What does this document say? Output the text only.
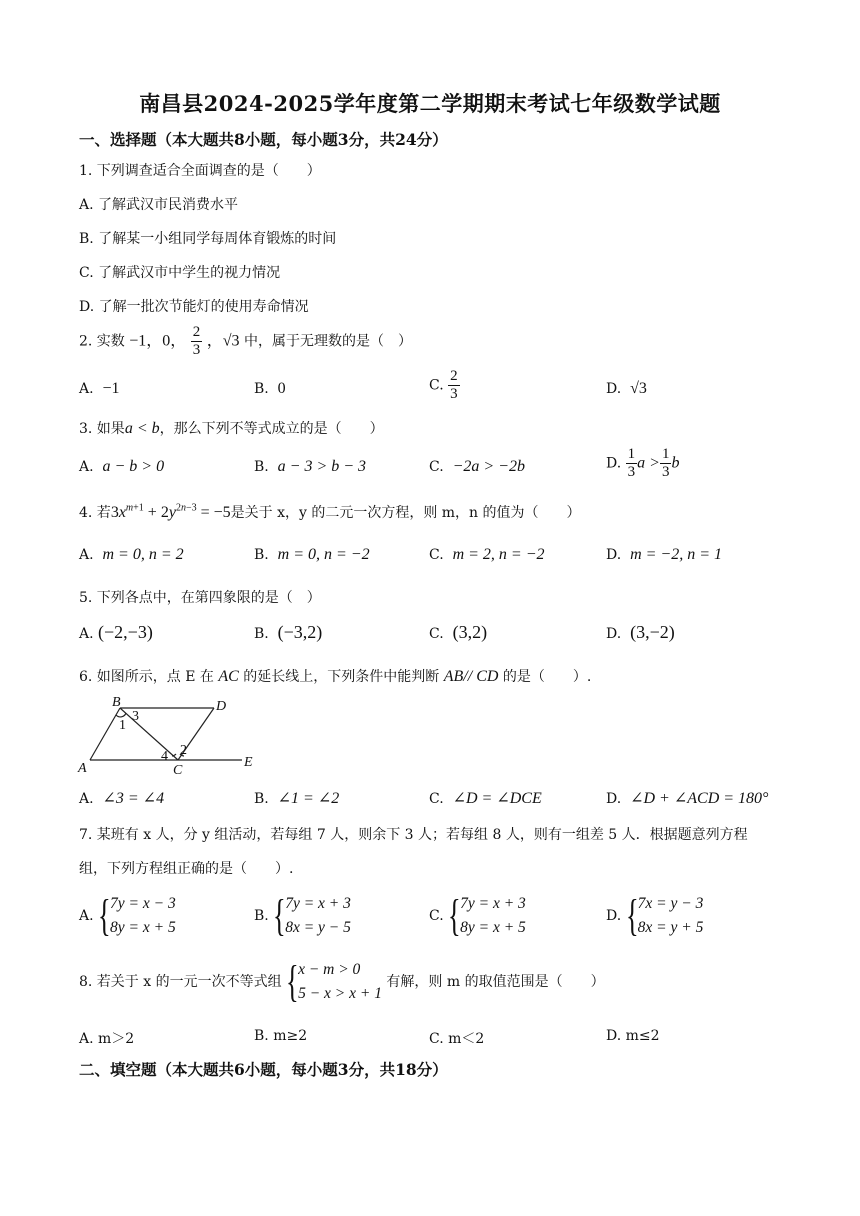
南昌县2024-2025学年度第二学期期末考试七年级数学试题
一、选择题（本大题共8小题，每小题3分，共24分）
1. 下列调查适合全面调查的是（　　）
A. 了解武汉市民消费水平
B. 了解某一小组同学每周体育锻炼的时间
C. 了解武汉市中学生的视力情况
D. 了解一批次节能灯的使用寿命情况
2. 实数 −1，0， $\frac{2}{3}$ ，√3 中，属于无理数的是（　）
A.  −1	B.  0	C. $\frac{2}{3}$	D.  √3
3. 如果a < b，那么下列不等式成立的是（　　）
A.  a − b > 0	B.  a − 3 > b − 3	C.  −2a > −2b	D. $\frac{1}{3}$ $a > \frac{1}{3}$ b
4. 若$3x^{m+1} + 2y^{2n-3} = -5$是关于 x，y 的二元一次方程，则 m，n 的值为（　　）
A.  m = 0, n = 2	B.  m = 0, n = −2	C.  m = 2, n = −2	D.  m = −2, n = 1
5. 下列各点中，在第四象限的是（　）
A. (−2,−3)	B.  (−3,2)	C.  (3,2)	D.  (3,−2)
6. 如图所示，点 E 在 AC 的延长线上，下列条件中能判断 AB// CD 的是（　　）.
B	D
A	C
E
1
2
3
4
A.  ∠3 = ∠4	B.  ∠1 = ∠2	C.  ∠D = ∠DCE	D.  ∠D + ∠ACD = 180°
7. 某班有 x 人，分 y 组活动，若每组 7 人，则余下 3 人；若每组 8 人，则有一组差 5 人．根据题意列方程
组，下列方程组正确的是（　　）.
A. { 7y = x − 3
8y = x + 5
B. { 7y = x + 3
8x = y − 5
C. { 7y = x + 3
8y = x + 5
D. { 7x = y − 3
8x = y + 5
8. 若关于 x 的一元一次不等式组 { x − m > 0
5 − x > x + 1
有解，则 m 的取值范围是（　　）
A. m＞2	B. m≥2	C. m＜2	D. m≤2
二、填空题（本大题共6小题，每小题3分，共18分）
